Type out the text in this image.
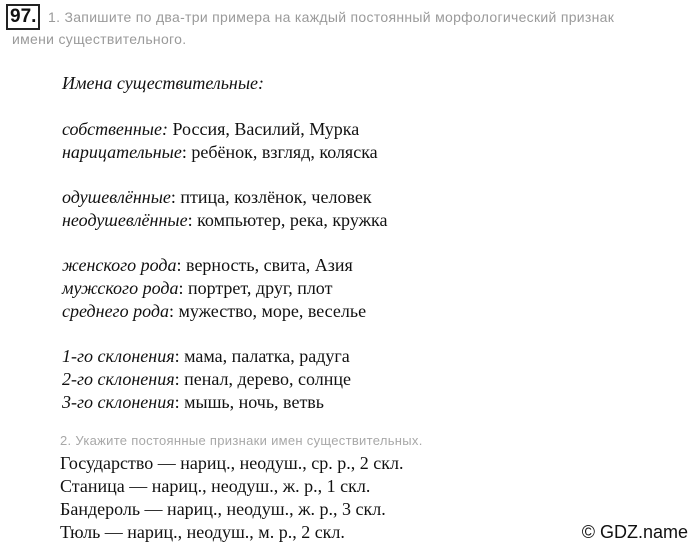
97. 1. Запишите по два-три примера на каждый постоянный морфологический признак
имени существительного.
Имена существительные:
собственные: Россия, Василий, Мурка
нарицательные: ребёнок, взгляд, коляска
одушевлённые: птица, козлёнок, человек
неодушевлённые: компьютер, река, кружка
женского рода: верность, свита, Азия
мужского рода: портрет, друг, плот
среднего рода: мужество, море, веселье
1-го склонения: мама, палатка, радуга
2-го склонения: пенал, дерево, солнце
3-го склонения: мышь, ночь, ветвь
2. Укажите постоянные признаки имен существительных.
Государство — нариц., неодуш., ср. р., 2 скл.
Станица — нариц., неодуш., ж. р., 1 скл.
Бандероль — нариц., неодуш., ж. р., 3 скл.
Тюль — нариц., неодуш., м. р., 2 скл.	© GDZ.name
